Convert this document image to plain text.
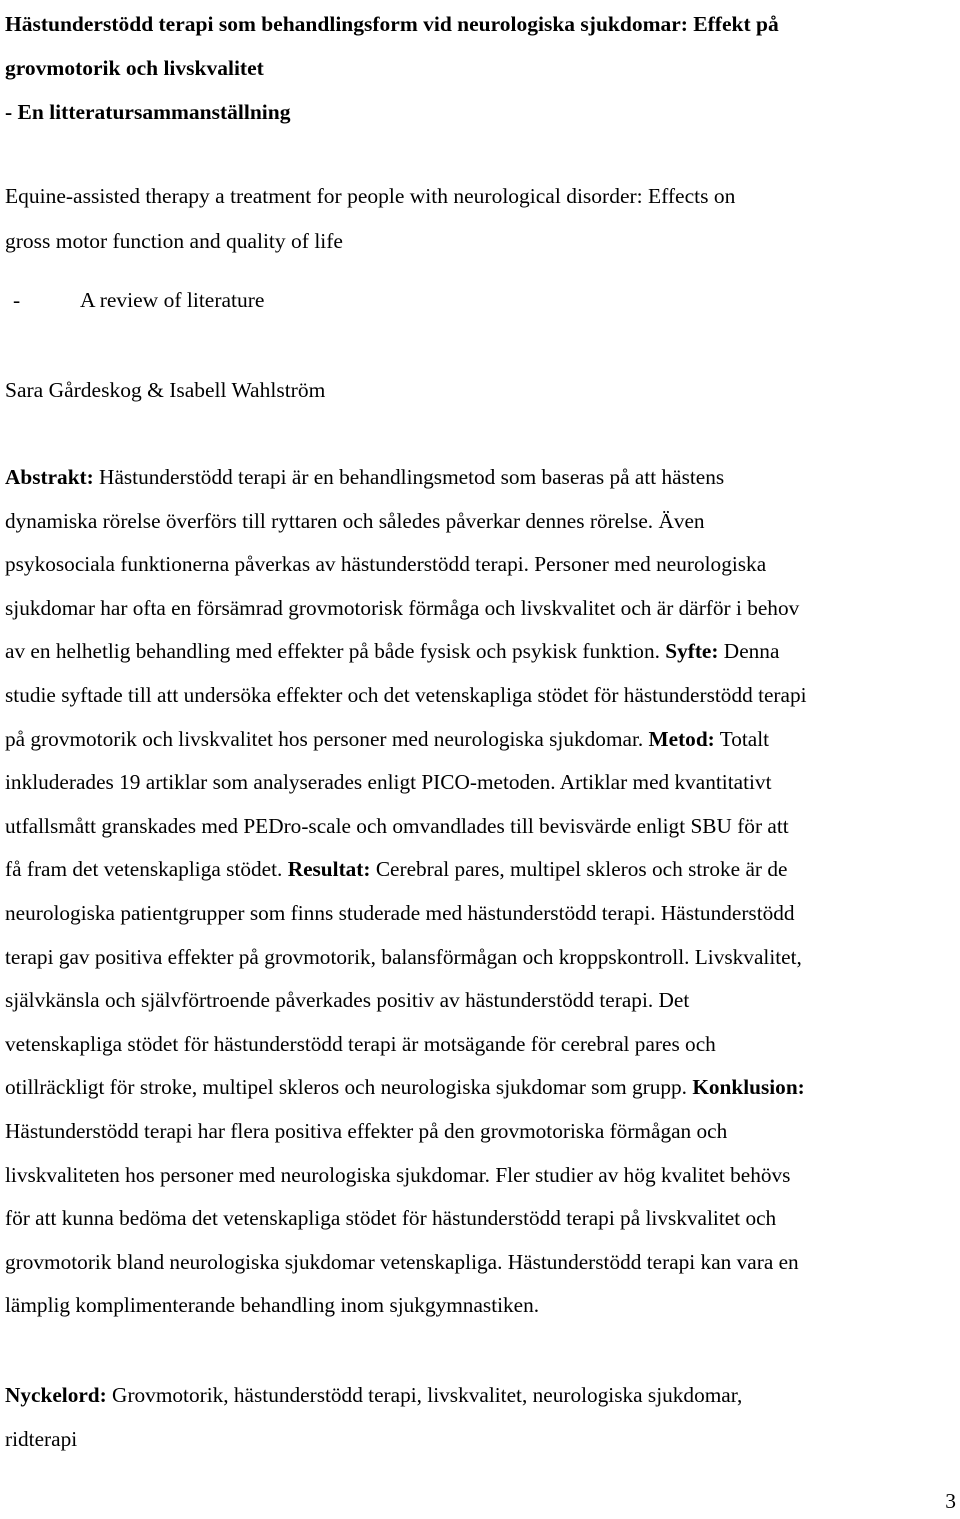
Hästunderstödd terapi som behandlingsform vid neurologiska sjukdomar: Effekt på
grovmotorik och livskvalitet
- En litteratursammanställning
Equine-assisted therapy a treatment for people with neurological disorder: Effects on
gross motor function and quality of life
-	A review of literature

Sara Gårdeskog & Isabell Wahlström

Abstrakt: Hästunderstödd terapi är en behandlingsmetod som baseras på att hästens
dynamiska rörelse överförs till ryttaren och således påverkar dennes rörelse. Även
psykosociala funktionerna påverkas av hästunderstödd terapi. Personer med neurologiska
sjukdomar har ofta en försämrad grovmotorisk förmåga och livskvalitet och är därför i behov
av en helhetlig behandling med effekter på både fysisk och psykisk funktion. Syfte: Denna
studie syftade till att undersöka effekter och det vetenskapliga stödet för hästunderstödd terapi
på grovmotorik och livskvalitet hos personer med neurologiska sjukdomar. Metod: Totalt
inkluderades 19 artiklar som analyserades enligt PICO-metoden. Artiklar med kvantitativt
utfallsmått granskades med PEDro-scale och omvandlades till bevisvärde enligt SBU för att
få fram det vetenskapliga stödet. Resultat: Cerebral pares, multipel skleros och stroke är de
neurologiska patientgrupper som finns studerade med hästunderstödd terapi. Hästunderstödd
terapi gav positiva effekter på grovmotorik, balansförmågan och kroppskontroll. Livskvalitet,
självkänsla och självförtroende påverkades positiv av hästunderstödd terapi. Det
vetenskapliga stödet för hästunderstödd terapi är motsägande för cerebral pares och
otillräckligt för stroke, multipel skleros och neurologiska sjukdomar som grupp. Konklusion:
Hästunderstödd terapi har flera positiva effekter på den grovmotoriska förmågan och
livskvaliteten hos personer med neurologiska sjukdomar. Fler studier av hög kvalitet behövs
för att kunna bedöma det vetenskapliga stödet för hästunderstödd terapi på livskvalitet och
grovmotorik bland neurologiska sjukdomar vetenskapliga. Hästunderstödd terapi kan vara en
lämplig komplimenterande behandling inom sjukgymnastiken.
Nyckelord: Grovmotorik, hästunderstödd terapi, livskvalitet, neurologiska sjukdomar,
ridterapi
3
